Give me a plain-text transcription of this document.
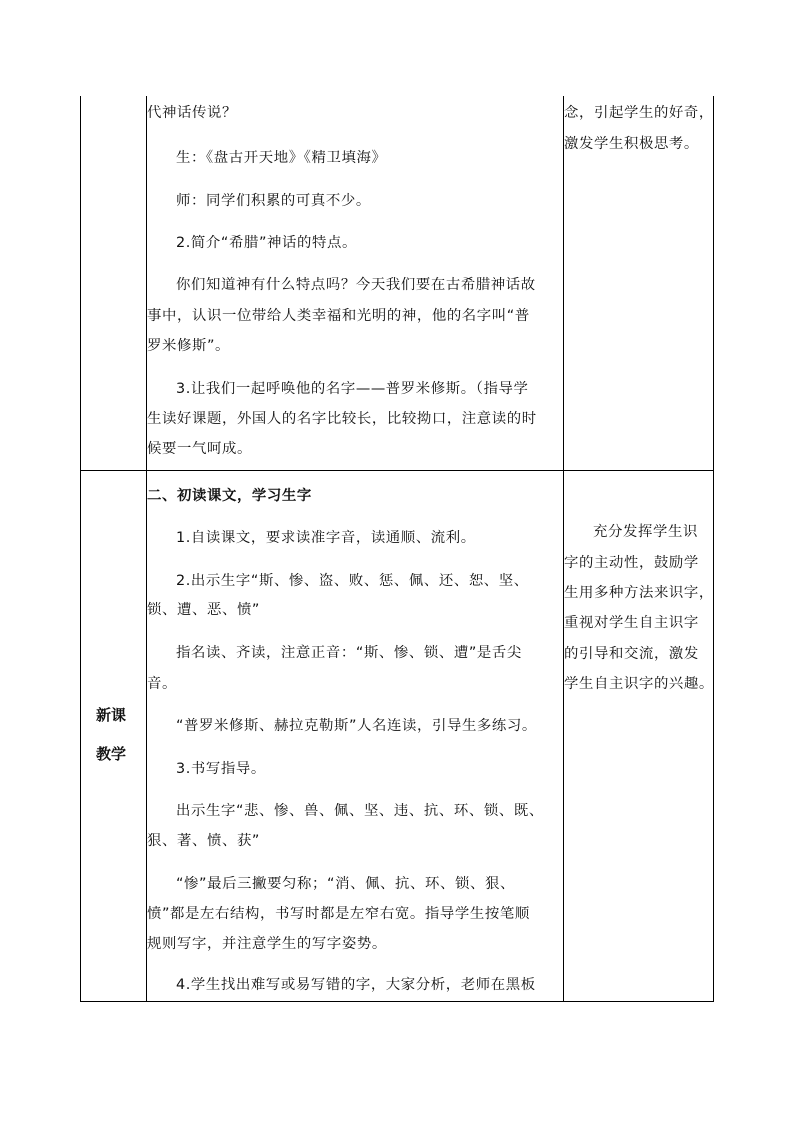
代神话传说？
生：《盘古开天地》《精卫填海》
师：同学们积累的可真不少。
2.简介“希腊”神话的特点。
你们知道神有什么特点吗？今天我们要在古希腊神话故
事中，认识一位带给人类幸福和光明的神，他的名字叫“普
罗米修斯”。
3.让我们一起呼唤他的名字——普罗米修斯。（指导学
生读好课题，外国人的名字比较长，比较拗口，注意读的时
候要一气呵成。
念，引起学生的好奇，
激发学生积极思考。
新课
教学
二、初读课文，学习生字
1.自读课文，要求读准字音，读通顺、流利。
2.出示生字“斯、惨、盗、败、惩、佩、还、恕、坚、
锁、遭、恶、愤”
指名读、齐读，注意正音：“斯、惨、锁、遭”是舌尖
音。
“普罗米修斯、赫拉克勒斯”人名连读，引导生多练习。
3.书写指导。
出示生字“悲、惨、兽、佩、坚、违、抗、环、锁、既、
狠、著、愤、获”
“惨”最后三撇要匀称；“消、佩、抗、环、锁、狠、
愤”都是左右结构，书写时都是左窄右宽。指导学生按笔顺
规则写字，并注意学生的写字姿势。
4.学生找出难写或易写错的字，大家分析，老师在黑板
充分发挥学生识
字的主动性，鼓励学
生用多种方法来识字，
重视对学生自主识字
的引导和交流，激发
学生自主识字的兴趣。
